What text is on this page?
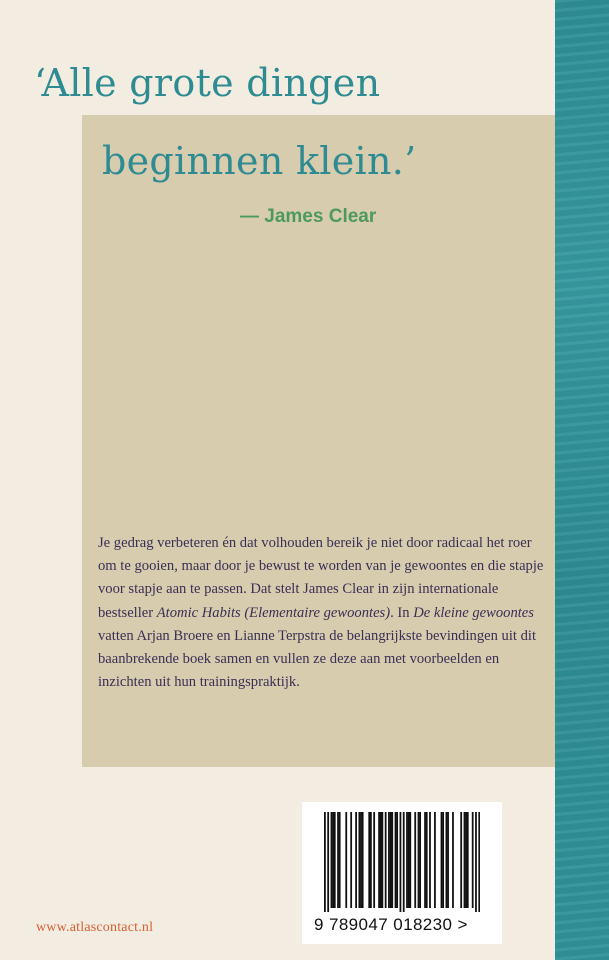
‘Alle grote dingen
beginnen klein.’
— James Clear

Je gedrag verbeteren én dat volhouden bereik je niet door radicaal het roer om te gooien, maar door je bewust te worden van je gewoontes en die stapje voor stapje aan te passen. Dat stelt James Clear in zijn internationale bestseller Atomic Habits (Elementaire gewoontes). In De kleine gewoontes vatten Arjan Broere en Lianne Terpstra de belangrijkste bevindingen uit dit baanbrekende boek samen en vullen ze deze aan met voorbeelden en inzichten uit hun trainingspraktijk.

9 789047 018230 >
www.atlascontact.nl
